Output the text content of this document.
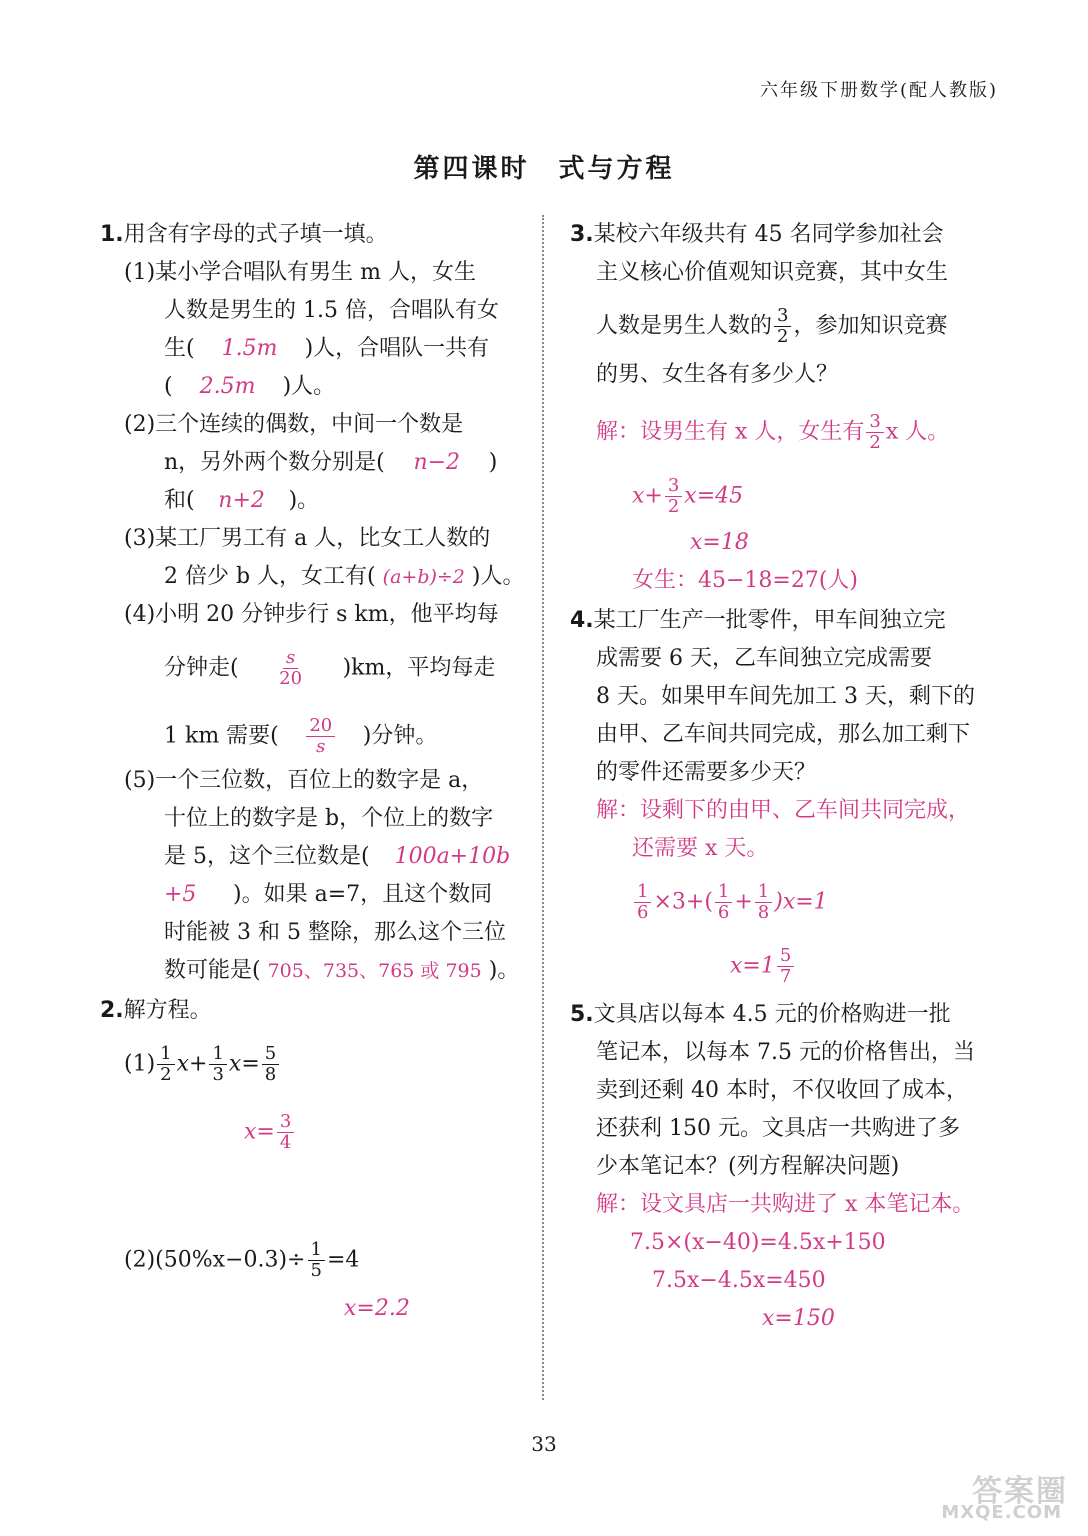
六年级下册数学(配人教版)
第四课时　式与方程
1.用含有字母的式子填一填。
(1)某小学合唱队有男生 m 人，女生
人数是男生的 1.5 倍，合唱队有女
生( 1.5m )人，合唱队一共有
( 2.5m )人。
(2)三个连续的偶数，中间一个数是
n，另外两个数分别是( n−2 )
和( n+2 )。
(3)某工厂男工有 a 人，比女工人数的
2 倍少 b 人，女工有( (a+b)÷2 )人。
(4)小明 20 分钟步行 s km，他平均每
分钟走( $\frac{s}{20} )km$，平均每走
1 km 需要( $\frac{20}{s}$ )分钟。
(5)一个三位数，百位上的数字是 a，
十位上的数字是 b，个位上的数字
是 5，这个三位数是( 100a+10b
+5 )。如果 a=7，且这个数同
时能被 3 和 5 整除，那么这个三位
数可能是( 705、735、765 或 795 )。
2.解方程。
$(1) \frac{1}{2} x+ \frac{1}{3} x= \frac{5}{8}$
$x= \frac{3}{4}$
$(2)(50\%x-0.3)\div \frac{1}{5} =4$
x=2.2
3.某校六年级共有 45 名同学参加社会
主义核心价值观知识竞赛，其中女生
人数是男生人数的 $\frac{3}{2}$ ，参加知识竞赛
的男、女生各有多少人？
解：设男生有 x 人，女生有 $\frac{3}{2}$ x 人。
$x+ \frac{3}{2} x=45$
x=18
女生：45−18=27(人)
4.某工厂生产一批零件，甲车间独立完
成需要 6 天，乙车间独立完成需要
8 天。如果甲车间先加工 3 天，剩下的
由甲、乙车间共同完成，那么加工剩下
的零件还需要多少天？
解：设剩下的由甲、乙车间共同完成，
还需要 x 天。
$\frac{1}{6} \times 3+( \frac{1}{6} + \frac{1}{8} )x=1$
$x=1 \frac{5}{7}$
5.文具店以每本 4.5 元的价格购进一批
笔记本，以每本 7.5 元的价格售出，当
卖到还剩 40 本时，不仅收回了成本，
还获利 150 元。文具店一共购进了多
少本笔记本？(列方程解决问题)
解：设文具店一共购进了 x 本笔记本。
7.5×(x−40)=4.5x+150
7.5x−4.5x=450
x=150
33
答案圈
MXQE.COM
